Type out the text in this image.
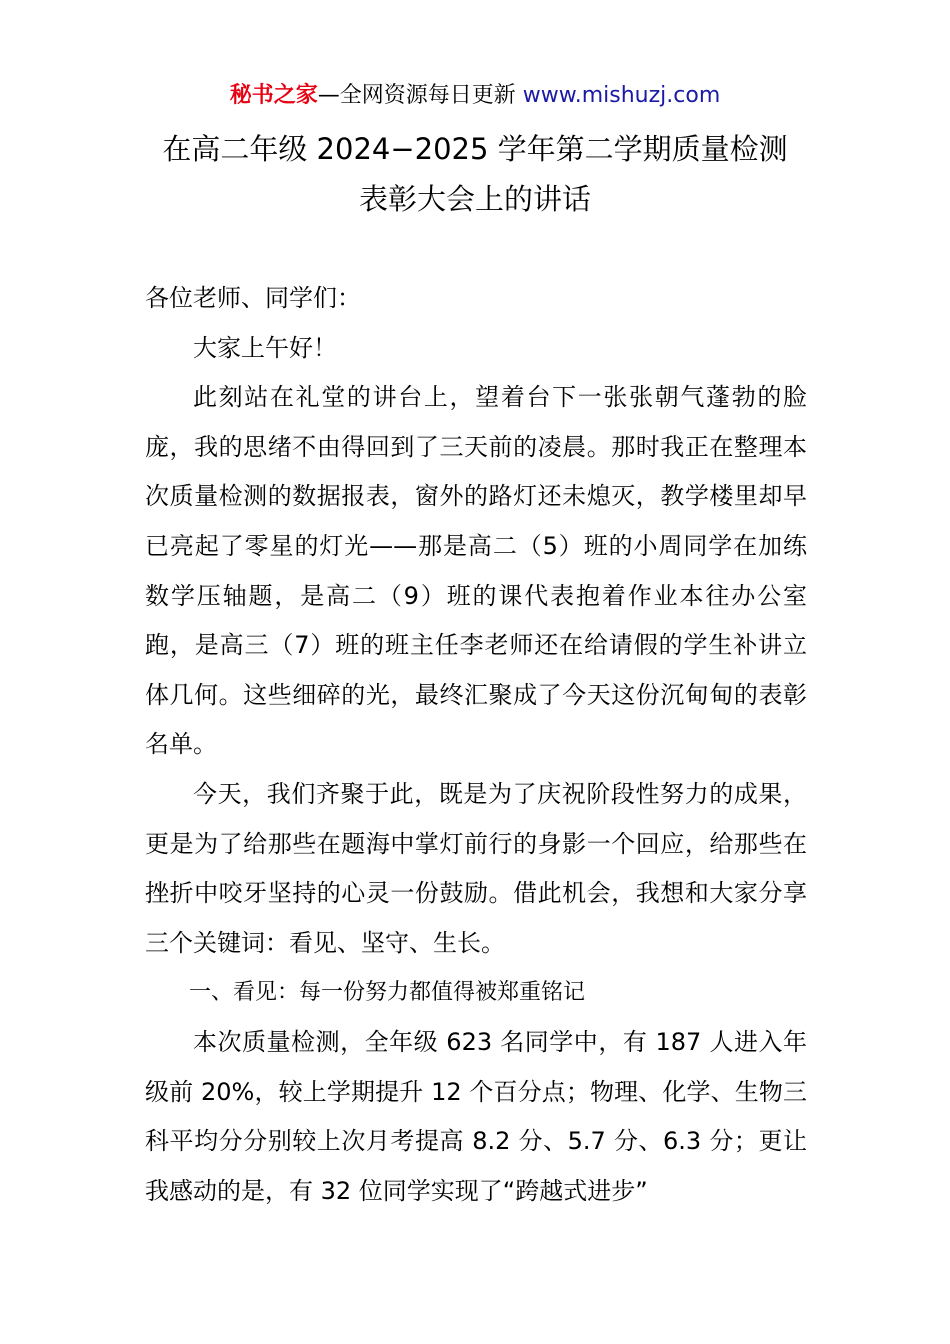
秘书之家—全网资源每日更新 www.mishuzj.com
在高二年级 2024−2025 学年第二学期质量检测
表彰大会上的讲话

各位老师、同学们：

大家上午好！

此刻站在礼堂的讲台上，望着台下一张张朝气蓬勃的脸庞，我的思绪不由得回到了三天前的凌晨。那时我正在整理本次质量检测的数据报表，窗外的路灯还未熄灭，教学楼里却早已亮起了零星的灯光——那是高二（5）班的小周同学在加练数学压轴题，是高二（9）班的课代表抱着作业本往办公室跑，是高三（7）班的班主任李老师还在给请假的学生补讲立体几何。这些细碎的光，最终汇聚成了今天这份沉甸甸的表彰名单。

今天，我们齐聚于此，既是为了庆祝阶段性努力的成果，更是为了给那些在题海中掌灯前行的身影一个回应，给那些在挫折中咬牙坚持的心灵一份鼓励。借此机会，我想和大家分享三个关键词：看见、坚守、生长。

一、看见：每一份努力都值得被郑重铭记

本次质量检测，全年级 623 名同学中，有 187 人进入年级前 20%，较上学期提升 12 个百分点；物理、化学、生物三科平均分分别较上次月考提高 8.2 分、5.7 分、6.3 分；更让我感动的是，有 32 位同学实现了“跨越式进步”
